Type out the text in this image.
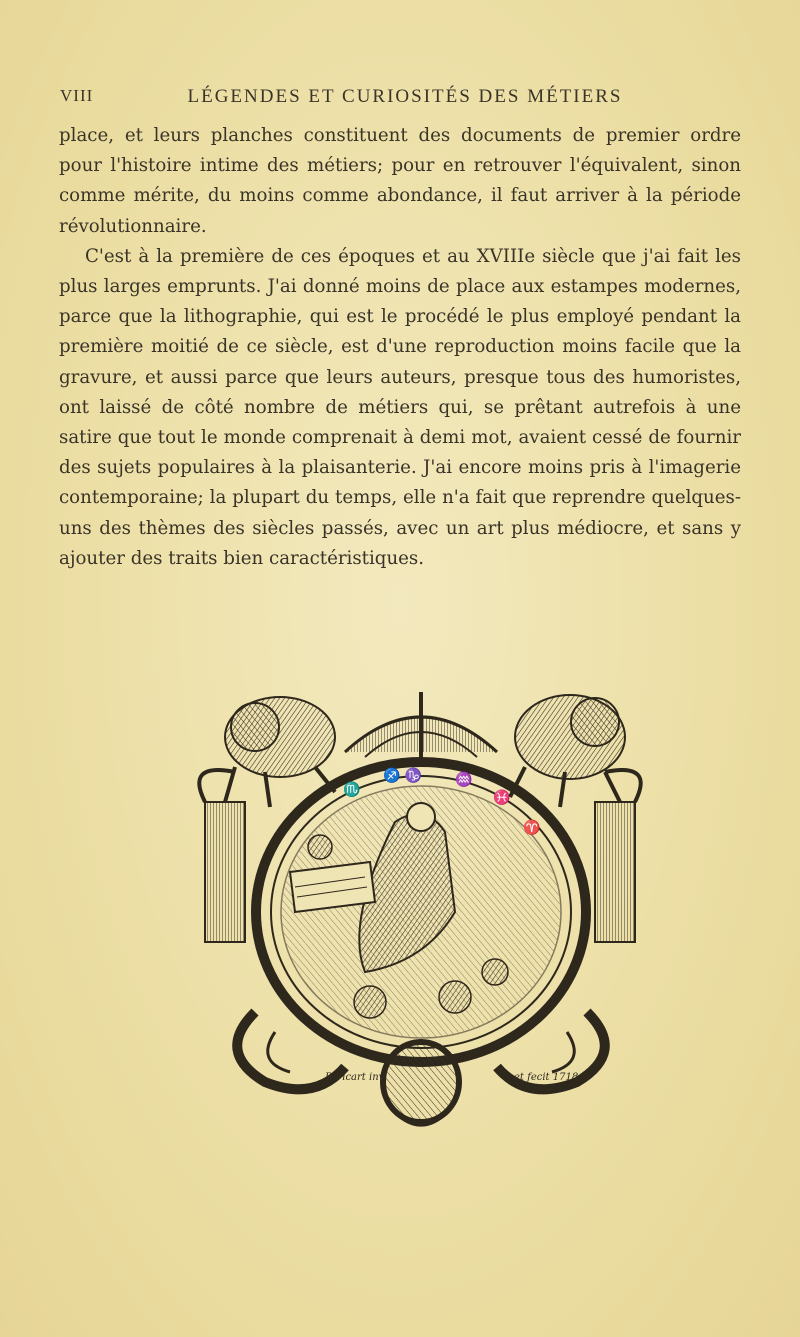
VIII	LÉGENDES ET CURIOSITÉS DES MÉTIERS

place, et leurs planches constituent des documents de premier ordre pour l'histoire intime des métiers; pour en retrouver l'équivalent, sinon comme mérite, du moins comme abondance, il faut arriver à la période révolutionnaire.

C'est à la première de ces époques et au XVIIIe siècle que j'ai fait les plus larges emprunts. J'ai donné moins de place aux estampes modernes, parce que la lithographie, qui est le procédé le plus employé pendant la première moitié de ce siècle, est d'une reproduction moins facile que la gravure, et aussi parce que leurs auteurs, presque tous des humoristes, ont laissé de côté nombre de métiers qui, se prêtant autrefois à une satire que tout le monde comprenait à demi mot, avaient cessé de fournir des sujets populaires à la plaisanterie. J'ai encore moins pris à l'imagerie contemporaine; la plupart du temps, elle n'a fait que reprendre quelques-uns des thèmes des siècles passés, avec un art plus médiocre, et sans y ajouter des traits bien caractéristiques.

♏
♐ ♑ ♒
♓
♈
B.Picart inv	et fecit 1718.
